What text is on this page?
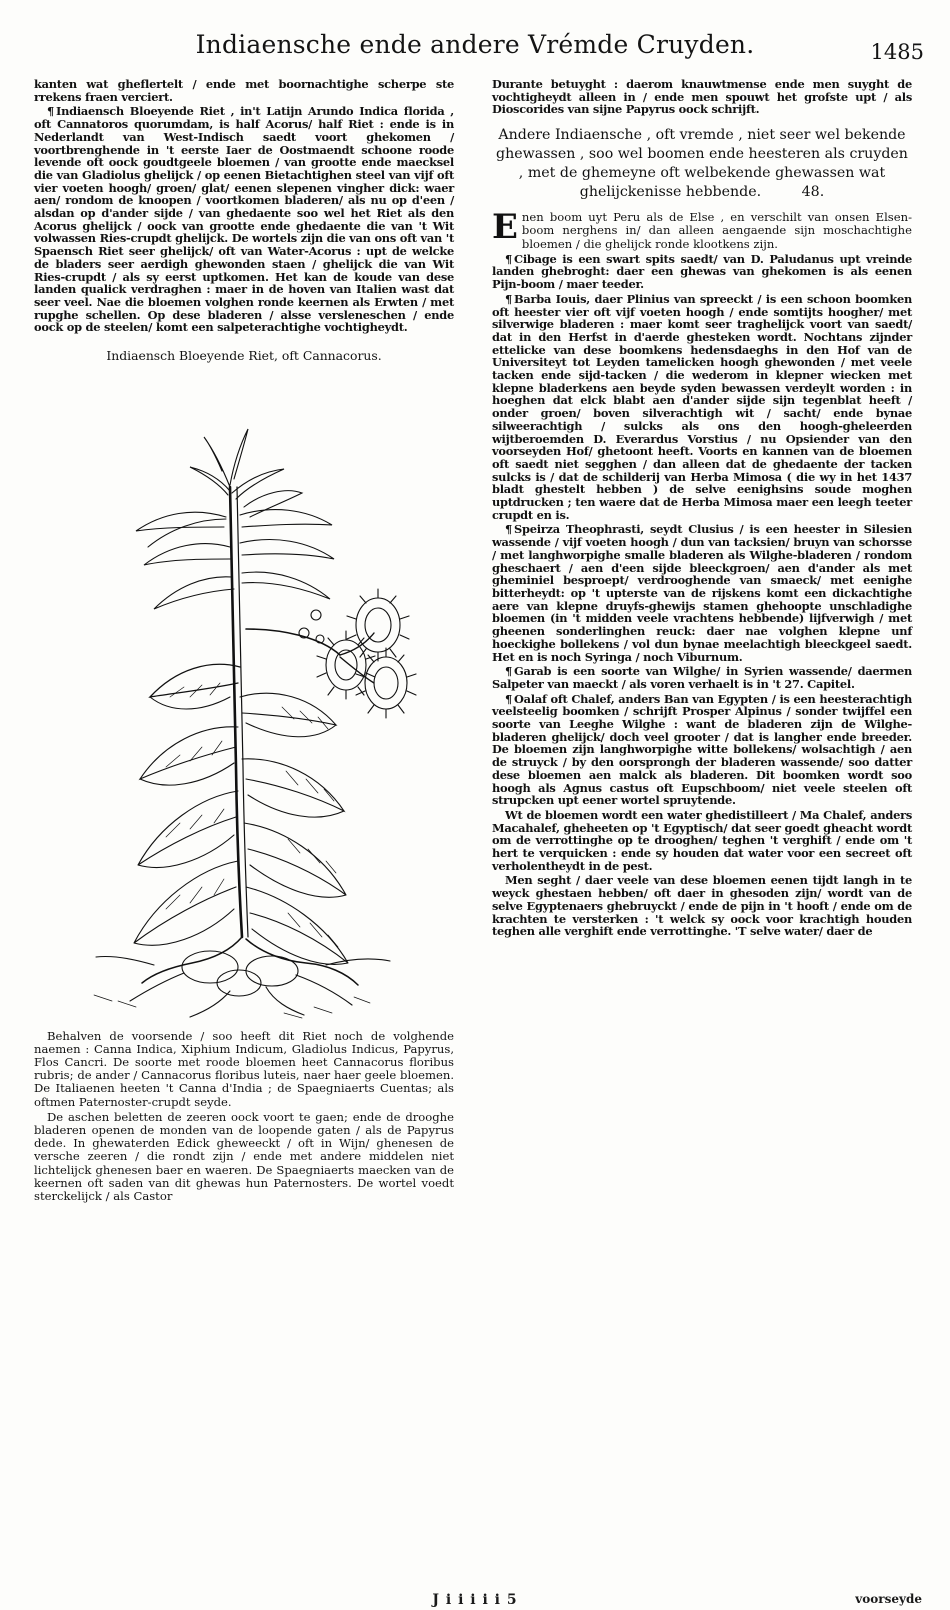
Indiaensche ende andere Vrémde Cruyden.	1485

kanten wat gheflertelt / ende met boornachtighe scherpe ste rrekens fraen verciert.

¶ Indiaensch Bloeyende Riet , in't Latijn Arundo Indica florida , oft Cannatoros quorumdam, is half Acorus/ half Riet : ende is in Nederlandt van West-Indisch saedt voort ghekomen / voortbrenghende in 't eerste Iaer de Oostmaendt schoone roode levende oft oock goudtgeele bloemen / van grootte ende maecksel die van Gladiolus ghelijck / op eenen Bietachtighen steel van vijf oft vier voeten hoogh/ groen/ glat/ eenen slepenen vingher dick: waer aen/ rondom de knoopen / voortkomen bladeren/ als nu op d'een / alsdan op d'ander sijde / van ghedaente soo wel het Riet als den Acorus ghelijck / oock van grootte ende ghedaente die van 't Wit volwassen Ries-crupdt ghelijck. De wortels zijn die van ons oft van 't Spaensch Riet seer ghelijck/ oft van Water-Acorus : upt de welcke de bladers seer aerdigh ghewonden staen / ghelijck die van Wit Ries-crupdt / als sy eerst uptkomen. Het kan de koude van dese landen qualick verdraghen : maer in de hoven van Italien wast dat seer veel. Nae die bloemen volghen ronde keernen als Erwten / met rupghe schellen. Op dese bladeren / alsse versleneschen / ende oock op de steelen/ komt een salpeterachtighe vochtigheydt.

Indiaensch Bloeyende Riet, oft Cannacorus.

Behalven de voorsende / soo heeft dit Riet noch de volghende naemen : Canna Indica, Xiphium Indicum, Gladiolus Indicus, Papyrus, Flos Cancri. De soorte met roode bloemen heet Cannacorus floribus rubris; de ander / Cannacorus floribus luteis, naer haer geele bloemen. De Italiaenen heeten 't Canna d'India ; de Spaegniaerts Cuentas; als oftmen Paternoster-crupdt seyde.

De aschen beletten de zeeren oock voort te gaen; ende de drooghe bladeren openen de monden van de loopende gaten / als de Papyrus dede. In ghewaterden Edick gheweeckt / oft in Wijn/ ghenesen de versche zeeren / die rondt zijn / ende met andere middelen niet lichtelijck ghenesen baer en waeren. De Spaegniaerts maecken van de keernen oft saden van dit ghewas hun Paternosters. De wortel voedt sterckelijck / als Castor

Durante betuyght : daerom knauwtmense ende men suyght de vochtigheydt alleen in / ende men spouwt het grofste upt / als Dioscorides van sijne Papyrus oock schrijft.

Andere Indiaensche , oft vremde , niet seer wel bekende ghewassen , soo wel boomen ende heesteren als cruyden , met de ghemeyne oft welbekende ghewassen wat ghelijckenisse hebbende.	48.

Enen boom uyt Peru als de Else , en verschilt van onsen Elsen-boom nerghens in/ dan alleen aengaende sijn moschachtighe bloemen / die ghelijck ronde klootkens zijn.

¶ Cibage is een swart spits saedt/ van D. Paludanus upt vreinde landen ghebroght: daer een ghewas van ghekomen is als eenen Pijn-boom / maer teeder.

¶ Barba Iouis, daer Plinius van spreeckt / is een schoon boomken oft heester vier oft vijf voeten hoogh / ende somtijts hoogher/ met silverwige bladeren : maer komt seer traghelijck voort van saedt/ dat in den Herfst in d'aerde ghesteken wordt. Nochtans zijnder ettelicke van dese boomkens hedensdaeghs in den Hof van de Universiteyt tot Leyden tamelicken hoogh ghewonden / met veele tacken ende sijd-tacken / die wederom in klepner wiecken met klepne bladerkens aen beyde syden bewassen verdeylt worden : in hoeghen dat elck blabt aen d'ander sijde sijn tegenblat heeft / onder groen/ boven silverachtigh wit / sacht/ ende bynae silweerachtigh / sulcks als ons den hoogh-gheleerden wijtberoemden D. Everardus Vorstius / nu Opsiender van den voorseyden Hof/ ghetoont heeft. Voorts en kannen van de bloemen oft saedt niet segghen / dan alleen dat de ghedaente der tacken sulcks is / dat de schilderij van Herba Mimosa ( die wy in het 1437 bladt ghestelt hebben ) de selve eenighsins soude moghen uptdrucken ; ten waere dat de Herba Mimosa maer een leegh teeter crupdt en is.

¶ Speirza Theophrasti, seydt Clusius / is een heester in Silesien wassende / vijf voeten hoogh / dun van tacksien/ bruyn van schorsse / met langhworpighe smalle bladeren als Wilghe-bladeren / rondom gheschaert / aen d'een sijde bleeckgroen/ aen d'ander als met gheminiel besproept/ verdrooghende van smaeck/ met eenighe bitterheydt: op 't upterste van de rijskens komt een dickachtighe aere van klepne druyfs-ghewijs stamen ghehoopte unschladighe bloemen (in 't midden veele vrachtens hebbende) lijfverwigh / met gheenen sonderlinghen reuck: daer nae volghen klepne unf hoeckighe bollekens / vol dun bynae meelachtigh bleeckgeel saedt. Het en is noch Syringa / noch Viburnum.

¶ Garab is een soorte van Wilghe/ in Syrien wassende/ daermen Salpeter van maeckt / als voren verhaelt is in 't 27. Capitel.

¶ Oalaf oft Chalef, anders Ban van Egypten / is een heesterachtigh veelsteelig boomken / schrijft Prosper Alpinus / sonder twijffel een soorte van Leeghe Wilghe : want de bladeren zijn de Wilghe-bladeren ghelijck/ doch veel grooter / dat is langher ende breeder. De bloemen zijn langhworpighe witte bollekens/ wolsachtigh / aen de struyck / by den oorsprongh der bladeren wassende/ soo datter dese bloemen aen malck als bladeren. Dit boomken wordt soo hoogh als Agnus castus oft Eupschboom/ niet veele steelen oft strupcken upt eener wortel spruytende.

Wt de bloemen wordt een water ghedistilleert / Ma Chalef, anders Macahalef, gheheeten op 't Egyptisch/ dat seer goedt gheacht wordt om de verrottinghe op te drooghen/ teghen 't verghift / ende om 't hert te verquicken : ende sy houden dat water voor een secreet oft verholentheydt in de pest.

Men seght / daer veele van dese bloemen eenen tijdt langh in te weyck ghestaen hebben/ oft daer in ghesoden zijn/ wordt van de selve Egyptenaers ghebruyckt / ende de pijn in 't hooft / ende om de krachten te versterken : 't welck sy oock voor krachtigh houden teghen alle verghift ende verrottinghe. 'T selve water/ daer de

J i i i i i 5	voorseyde
